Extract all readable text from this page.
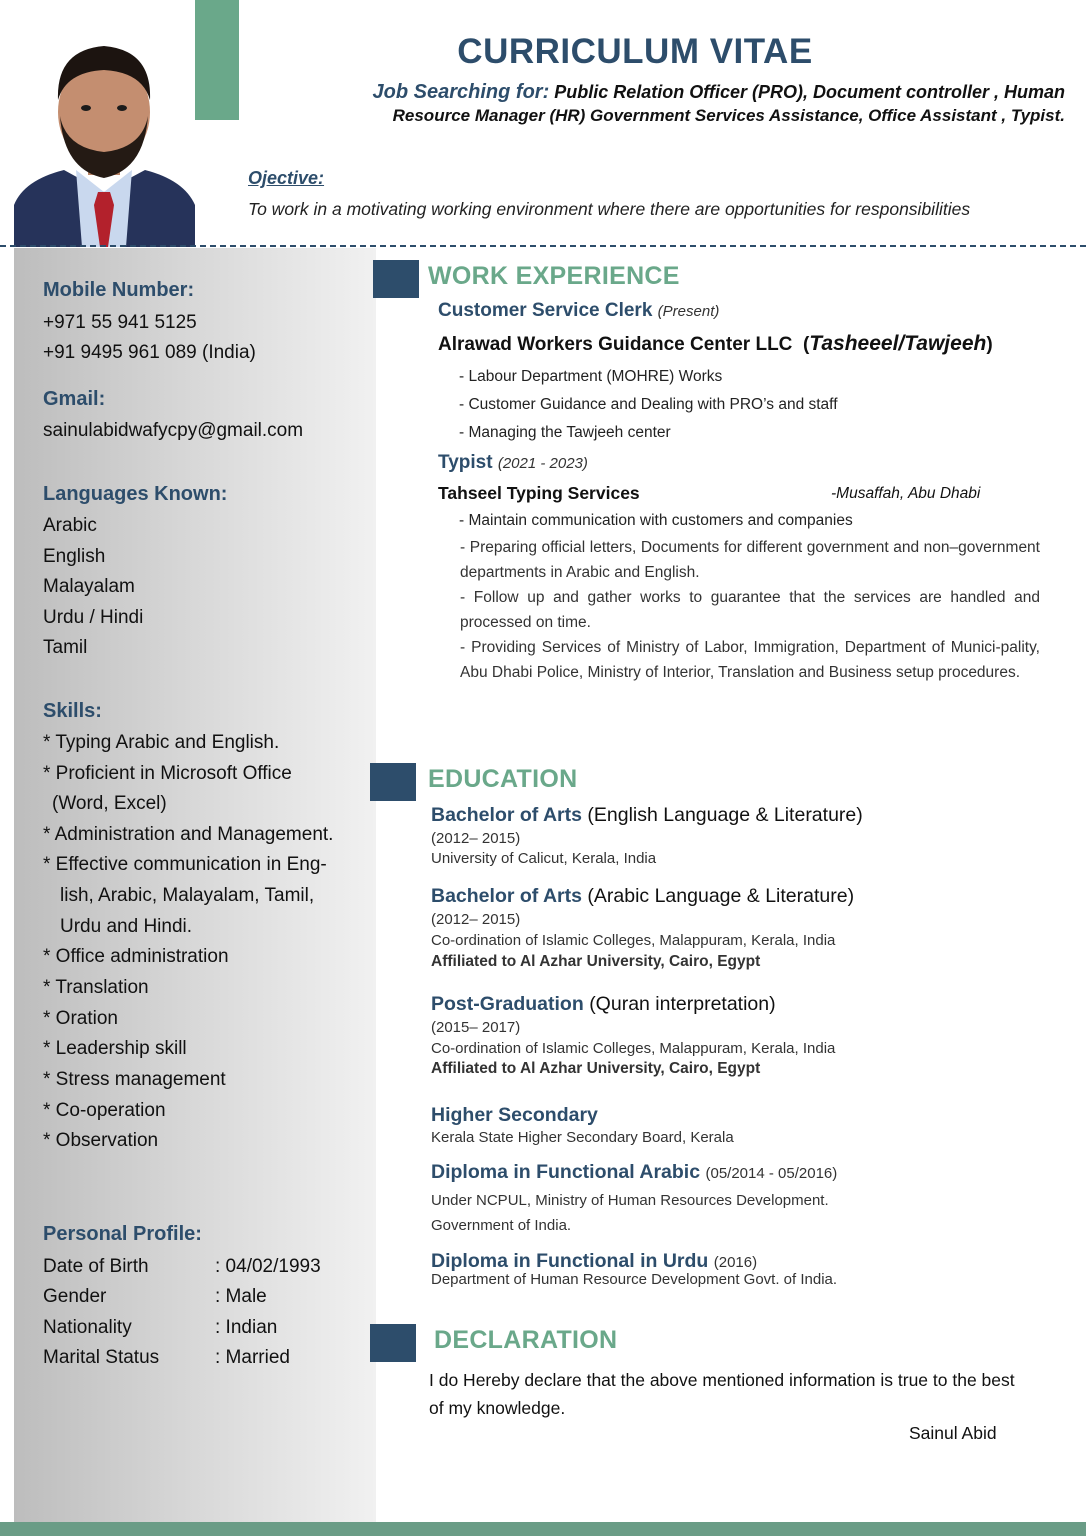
CURRICULUM VITAE
Job Searching for: Public Relation Officer (PRO), Document controller , Human
Resource Manager (HR) Government Services Assistance, Office Assistant , Typist.
Ojective:
To work in a motivating working environment where there are opportunities for responsibilities
Mobile Number:
+971 55 941 5125
+91 9495 961 089 (India)
Gmail:
sainulabidwafycpy@gmail.com
Languages Known:
Arabic
English
Malayalam
Urdu / Hindi
Tamil
Skills:
* Typing Arabic and English.
* Proficient in Microsoft Office
(Word, Excel)
* Administration and Management.
* Effective communication in Eng-
lish, Arabic, Malayalam, Tamil,
Urdu and Hindi.
* Office administration
* Translation
* Oration
* Leadership skill
* Stress management
* Co-operation
* Observation
Personal Profile:
Date of Birth	: 04/02/1993
Gender	: Male
Nationality	: Indian
Marital Status	: Married
WORK EXPERIENCE
Customer Service Clerk (Present)
Alrawad Workers Guidance Center LLC  (Tasheeel/Tawjeeh)
- Labour Department (MOHRE) Works
- Customer Guidance and Dealing with PRO’s and staff
- Managing the Tawjeeh center
Typist (2021 - 2023)
Tahseel Typing Services	-Musaffah, Abu Dhabi
- Maintain communication with customers and companies
- Preparing official letters, Documents for different government and non–government departments in Arabic and English.
- Follow up and gather works to guarantee that the services are handled and processed on time.
- Providing Services of Ministry of Labor, Immigration, Department of Munici-pality, Abu Dhabi Police, Ministry of Interior, Translation and Business setup procedures.
EDUCATION
Bachelor of Arts (English Language & Literature)
(2012– 2015)
University of Calicut, Kerala, India
Bachelor of Arts (Arabic Language & Literature)
(2012– 2015)
Co-ordination of Islamic Colleges, Malappuram, Kerala, India
Affiliated to Al Azhar University, Cairo, Egypt
Post-Graduation (Quran interpretation)
(2015– 2017)
Co-ordination of Islamic Colleges, Malappuram, Kerala, India
Affiliated to Al Azhar University, Cairo, Egypt
Higher Secondary
Kerala State Higher Secondary Board, Kerala
Diploma in Functional Arabic (05/2014 - 05/2016)
Under NCPUL, Ministry of Human Resources Development.
Government of India.
Diploma in Functional in Urdu (2016)
Department of Human Resource Development Govt. of India.
DECLARATION
I do Hereby declare that the above mentioned information is true to the best of my knowledge.
Sainul Abid
